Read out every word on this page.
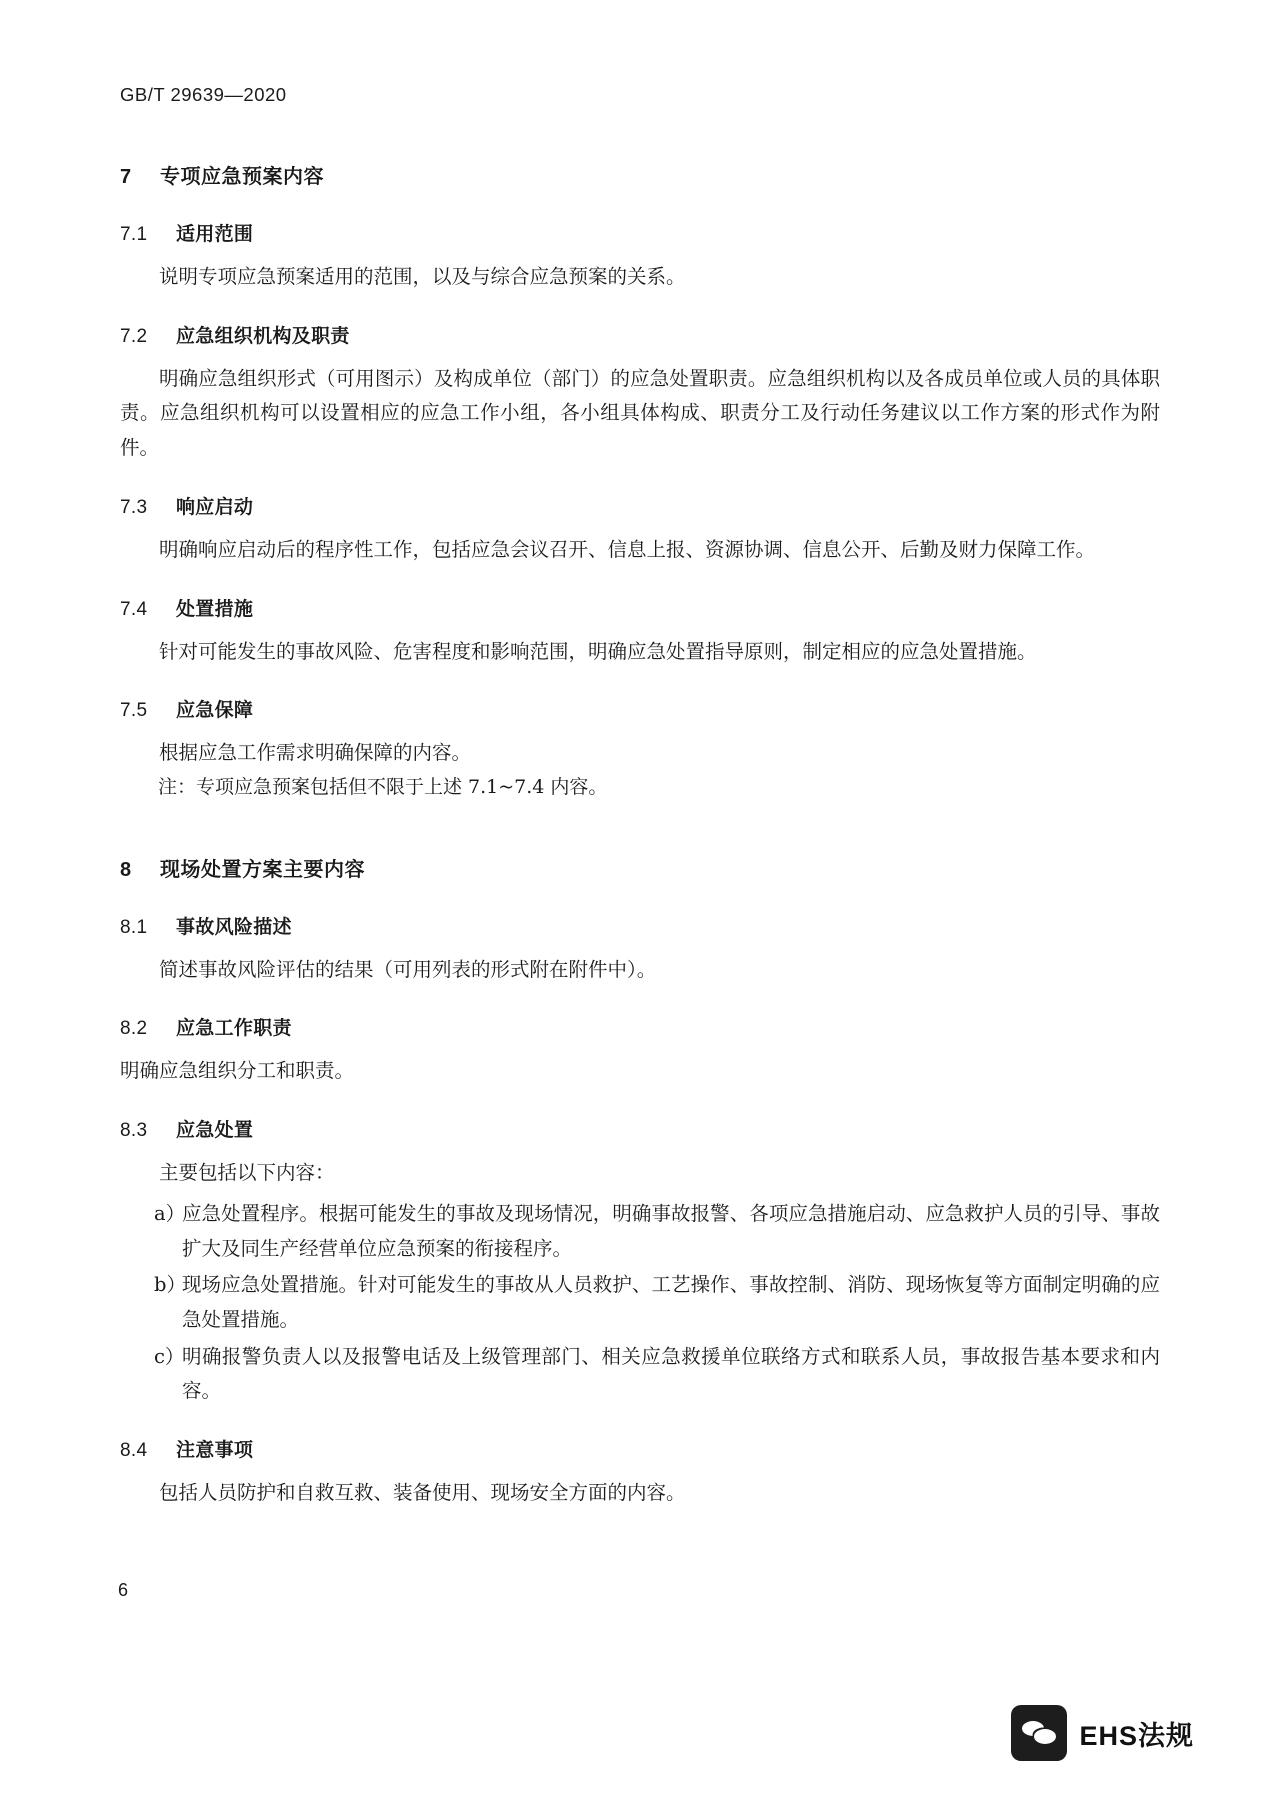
GB/T 29639—2020
7 专项应急预案内容
7.1 适用范围

说明专项应急预案适用的范围，以及与综合应急预案的关系。

7.2 应急组织机构及职责

明确应急组织形式（可用图示）及构成单位（部门）的应急处置职责。应急组织机构以及各成员单位或人员的具体职责。应急组织机构可以设置相应的应急工作小组，各小组具体构成、职责分工及行动任务建议以工作方案的形式作为附件。

7.3 响应启动

明确响应启动后的程序性工作，包括应急会议召开、信息上报、资源协调、信息公开、后勤及财力保障工作。

7.4 处置措施

针对可能发生的事故风险、危害程度和影响范围，明确应急处置指导原则，制定相应的应急处置措施。

7.5 应急保障

根据应急工作需求明确保障的内容。

注：专项应急预案包括但不限于上述 7.1~7.4 内容。

8 现场处置方案主要内容
8.1 事故风险描述

简述事故风险评估的结果（可用列表的形式附在附件中）。

8.2 应急工作职责

明确应急组织分工和职责。

8.3 应急处置

主要包括以下内容：

a）
应急处置程序。根据可能发生的事故及现场情况，明确事故报警、各项应急措施启动、应急救护人员的引导、事故扩大及同生产经营单位应急预案的衔接程序。
b）
现场应急处置措施。针对可能发生的事故从人员救护、工艺操作、事故控制、消防、现场恢复等方面制定明确的应急处置措施。
c）
明确报警负责人以及报警电话及上级管理部门、相关应急救援单位联络方式和联系人员，事故报告基本要求和内容。
8.4 注意事项

包括人员防护和自救互救、装备使用、现场安全方面的内容。

6
EHS法规
